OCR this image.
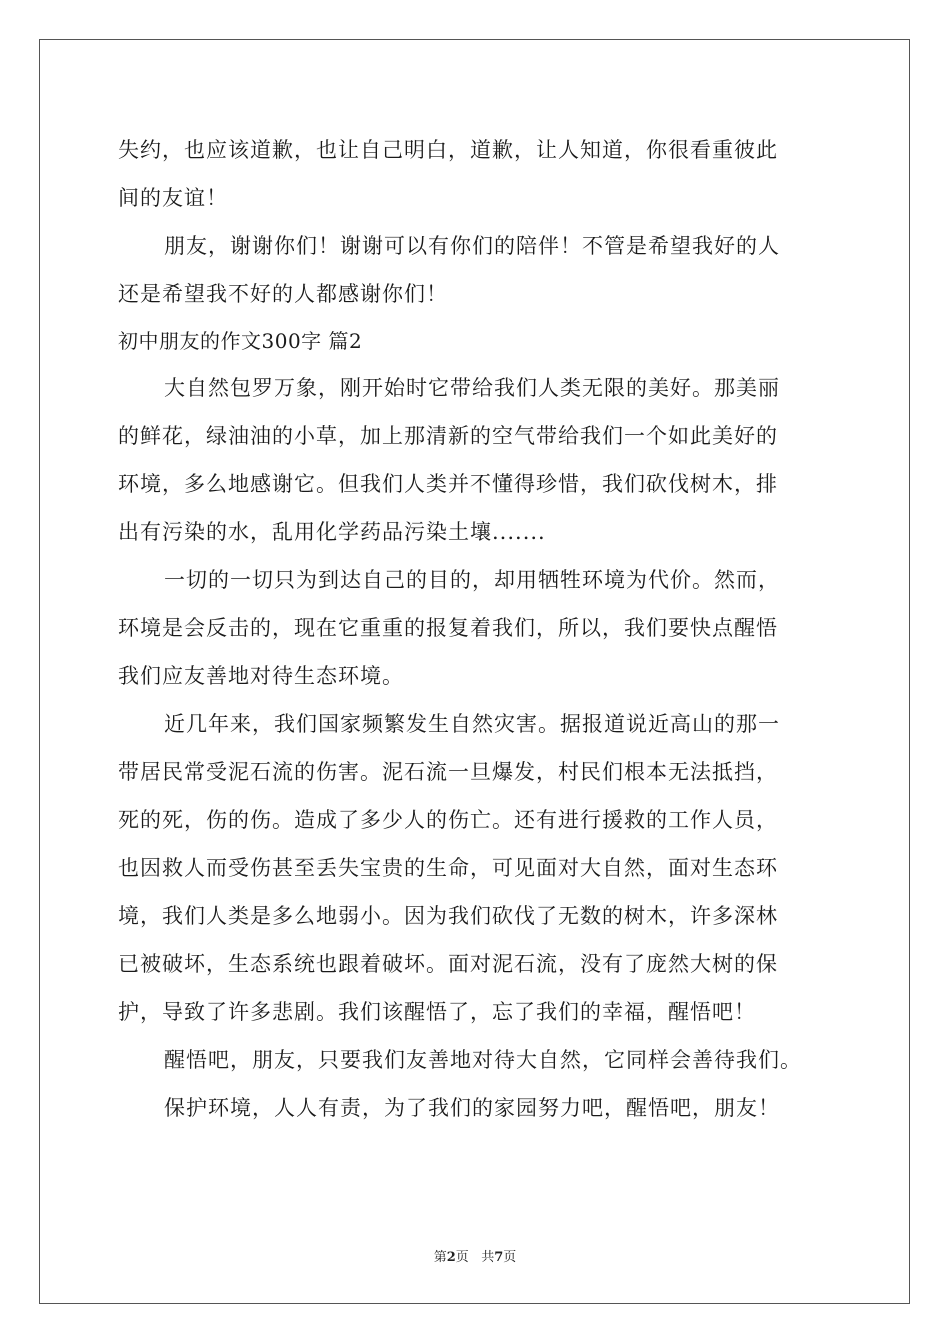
失约，也应该道歉，也让自己明白，道歉，让人知道，你很看重彼此
间的友谊！
朋友，谢谢你们！谢谢可以有你们的陪伴！不管是希望我好的人
还是希望我不好的人都感谢你们！
初中朋友的作文300字 篇2
大自然包罗万象，刚开始时它带给我们人类无限的美好。那美丽
的鲜花，绿油油的小草，加上那清新的空气带给我们一个如此美好的
环境，多么地感谢它。但我们人类并不懂得珍惜，我们砍伐树木，排
出有污染的水，乱用化学药品污染土壤.......
一切的一切只为到达自己的目的，却用牺牲环境为代价。然而，
环境是会反击的，现在它重重的报复着我们，所以，我们要快点醒悟
我们应友善地对待生态环境。
近几年来，我们国家频繁发生自然灾害。据报道说近高山的那一
带居民常受泥石流的伤害。泥石流一旦爆发，村民们根本无法抵挡，
死的死，伤的伤。造成了多少人的伤亡。还有进行援救的工作人员，
也因救人而受伤甚至丢失宝贵的生命，可见面对大自然，面对生态环
境，我们人类是多么地弱小。因为我们砍伐了无数的树木，许多深林
已被破坏，生态系统也跟着破坏。面对泥石流，没有了庞然大树的保
护，导致了许多悲剧。我们该醒悟了，忘了我们的幸福，醒悟吧！
醒悟吧，朋友，只要我们友善地对待大自然，它同样会善待我们。
保护环境，人人有责，为了我们的家园努力吧，醒悟吧，朋友！
第2页 共7页
